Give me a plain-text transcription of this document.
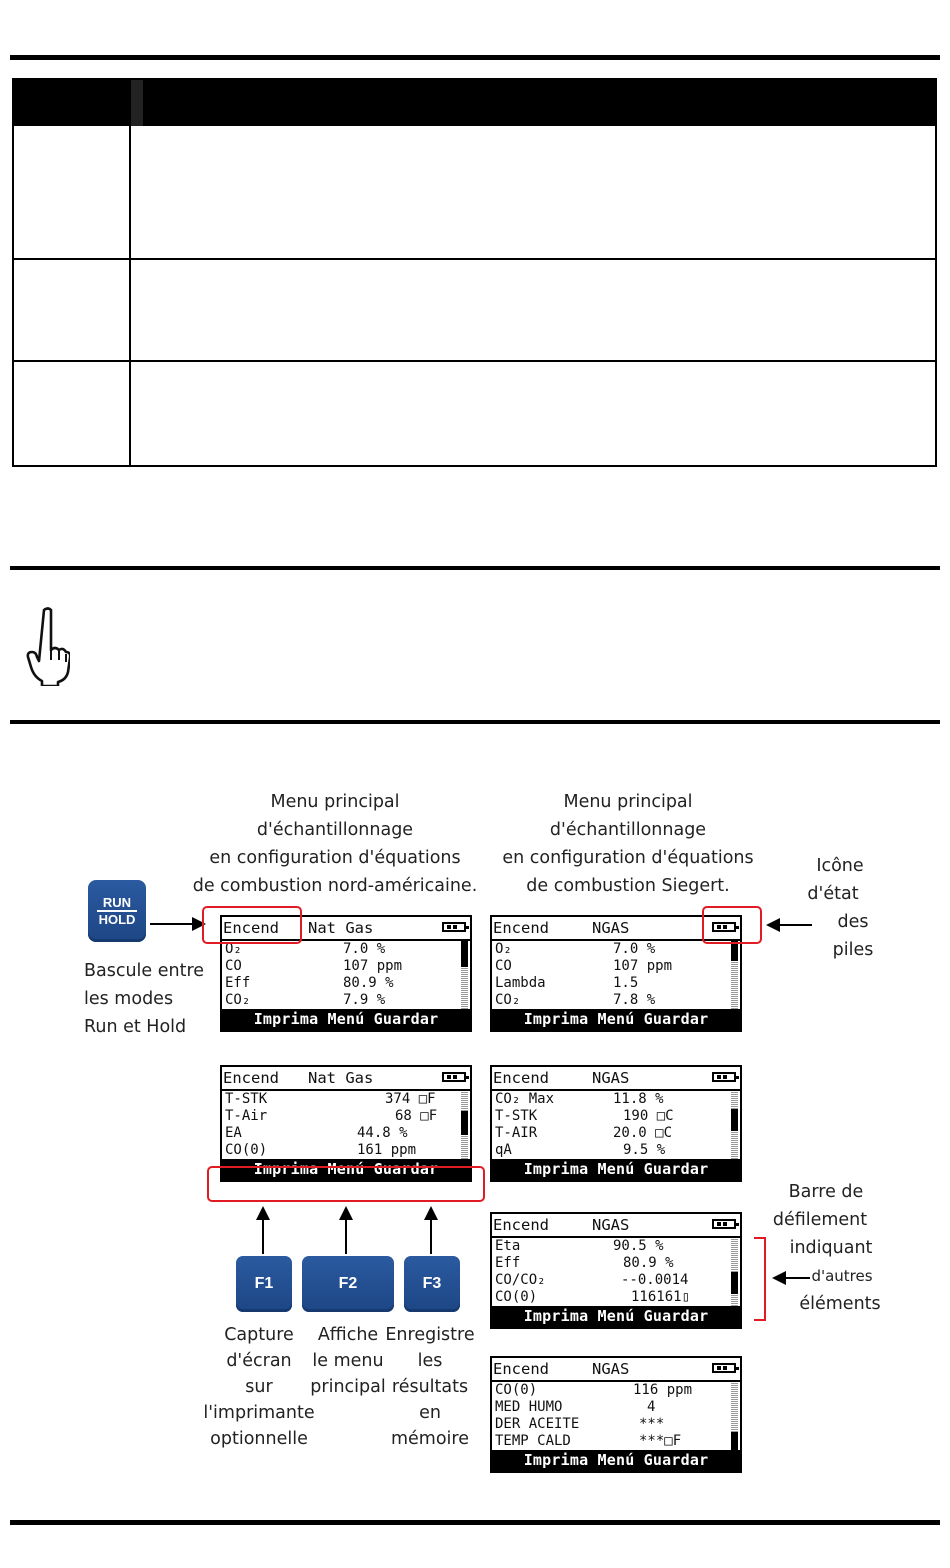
Menu principal
d'échantillonnage
en configuration d'équations
de combustion nord-américaine.
Menu principal
d'échantillonnage
en configuration d'équations
de combustion Siegert.
Icône
d'état
des
piles
RUN
HOLD
Bascule entre
les modes
Run et Hold
Encend Nat Gas
O₂	7.0 %
CO	107 ppm
Eff	80.9 %
CO₂	7.9 %
Imprima Menú Guardar
Encend	NGAS
O₂	7.0 %
CO	107 ppm
Lambda	1.5
CO₂	7.8 %
Imprima Menú Guardar
Encend Nat Gas
T-STK	374 □F
T-Air	68 □F
EA	44.8 %
CO(0)	161 ppm
Imprima Menú Guardar
Encend	NGAS
CO₂ Max	11.8 %
T-STK	190 □C
T-AIR	20.0 □C
qA	9.5 %
Imprima Menú Guardar
F1	F2	F3
Capture
d'écran
sur
l'imprimante
optionnelle
Affiche
le menu
principal
Enregistre
les
résultats
en
mémoire
Encend	NGAS
Eta	90.5 %
Eff	80.9 %
CO/CO₂	--0.0014
CO(0)	116161▯
Imprima Menú Guardar
Encend	NGAS
CO(0)	116 ppm
MED HUMO	4
DER ACEITE	***
TEMP CALD	***□F
Imprima Menú Guardar
Barre de
défilement
indiquant
d'autres
éléments
